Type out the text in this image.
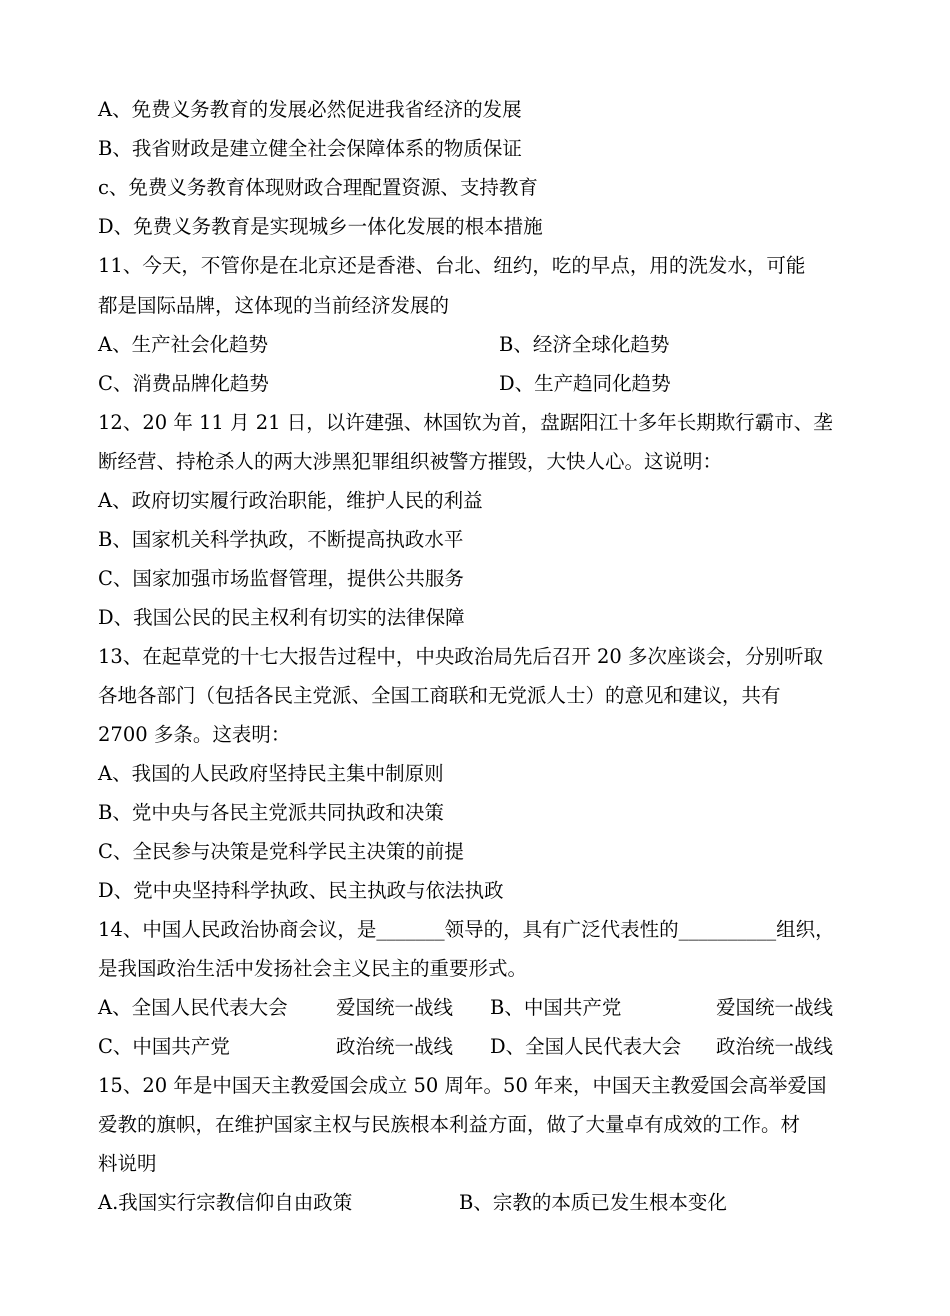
A、免费义务教育的发展必然促进我省经济的发展
B、我省财政是建立健全社会保障体系的物质保证
c、免费义务教育体现财政合理配置资源、支持教育
D、免费义务教育是实现城乡一体化发展的根本措施
11、今天，不管你是在北京还是香港、台北、纽约，吃的早点，用的洗发水，可能
都是国际品牌，这体现的当前经济发展的
A、生产社会化趋势	B、经济全球化趋势
C、消费品牌化趋势	D、生产趋同化趋势
12、20 年 11 月 21 日，以许建强、林国钦为首，盘踞阳江十多年长期欺行霸市、垄
断经营、持枪杀人的两大涉黑犯罪组织被警方摧毁，大快人心。这说明：
A、政府切实履行政治职能，维护人民的利益
B、国家机关科学执政，不断提高执政水平
C、国家加强市场监督管理，提供公共服务
D、我国公民的民主权利有切实的法律保障
13、在起草党的十七大报告过程中，中央政治局先后召开 20 多次座谈会，分别听取
各地各部门（包括各民主党派、全国工商联和无党派人士）的意见和建议，共有
2700 多条。这表明：
A、我国的人民政府坚持民主集中制原则
B、党中央与各民主党派共同执政和决策
C、全民参与决策是党科学民主决策的前提
D、党中央坚持科学执政、民主执政与依法执政
14、中国人民政治协商会议，是_______领导的，具有广泛代表性的__________组织，
是我国政治生活中发扬社会主义民主的重要形式。
A、全国人民代表大会 爱国统一战线 B、中国共产党	爱国统一战线
C、中国共产党	政治统一战线 D、全国人民代表大会 政治统一战线
15、20 年是中国天主教爱国会成立 50 周年。50 年来，中国天主教爱国会高举爱国
爱教的旗帜，在维护国家主权与民族根本利益方面，做了大量卓有成效的工作。材
料说明
A.我国实行宗教信仰自由政策	B、宗教的本质已发生根本变化
